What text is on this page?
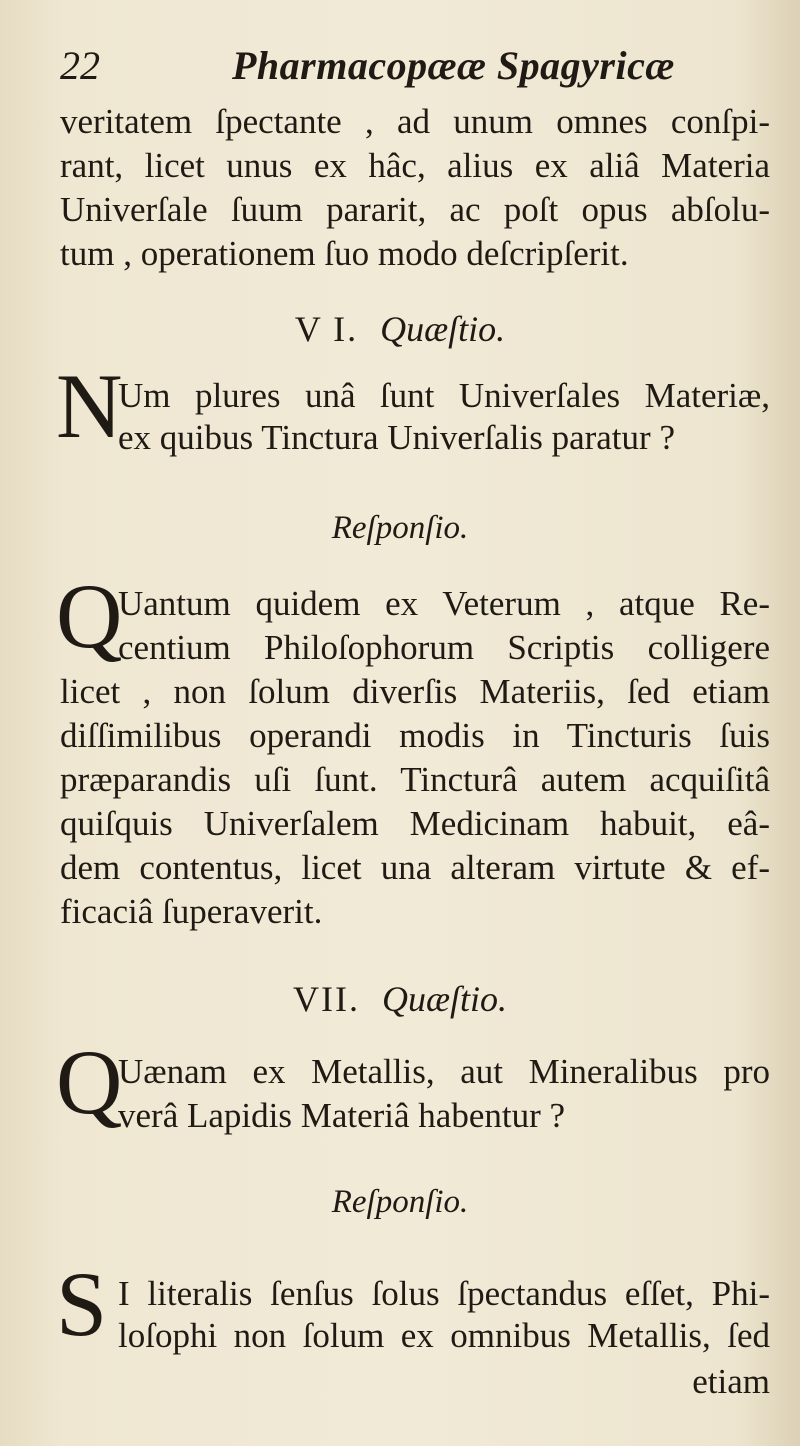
22	Pharmacopææ Spagyricæ
veritatem ſpectante , ad unum omnes conſpi-
rant, licet unus ex hâc, alius ex aliâ Materia
Univerſale ſuum pararit, ac poſt opus abſolu-
tum , operationem ſuo modo deſcripſerit.
V I. Quæſtio.
N
Um plures unâ ſunt Univerſales Materiæ,
ex quibus Tinctura Univerſalis paratur ?
Reſponſio.
Q
Uantum quidem ex Veterum , atque Re-
centium Philoſophorum Scriptis colligere
licet , non ſolum diverſis Materiis, ſed etiam
diſſimilibus operandi modis in Tincturis ſuis
præparandis uſi ſunt. Tincturâ autem acquiſitâ
quiſquis Univerſalem Medicinam habuit, eâ-
dem contentus, licet una alteram virtute & ef-
ficaciâ ſuperaverit.
VII. Quæſtio.
Q
Uænam ex Metallis, aut Mineralibus pro
verâ Lapidis Materiâ habentur ?
Reſponſio.
S I literalis ſenſus ſolus ſpectandus eſſet, Phi-
loſophi non ſolum ex omnibus Metallis, ſed
etiam
